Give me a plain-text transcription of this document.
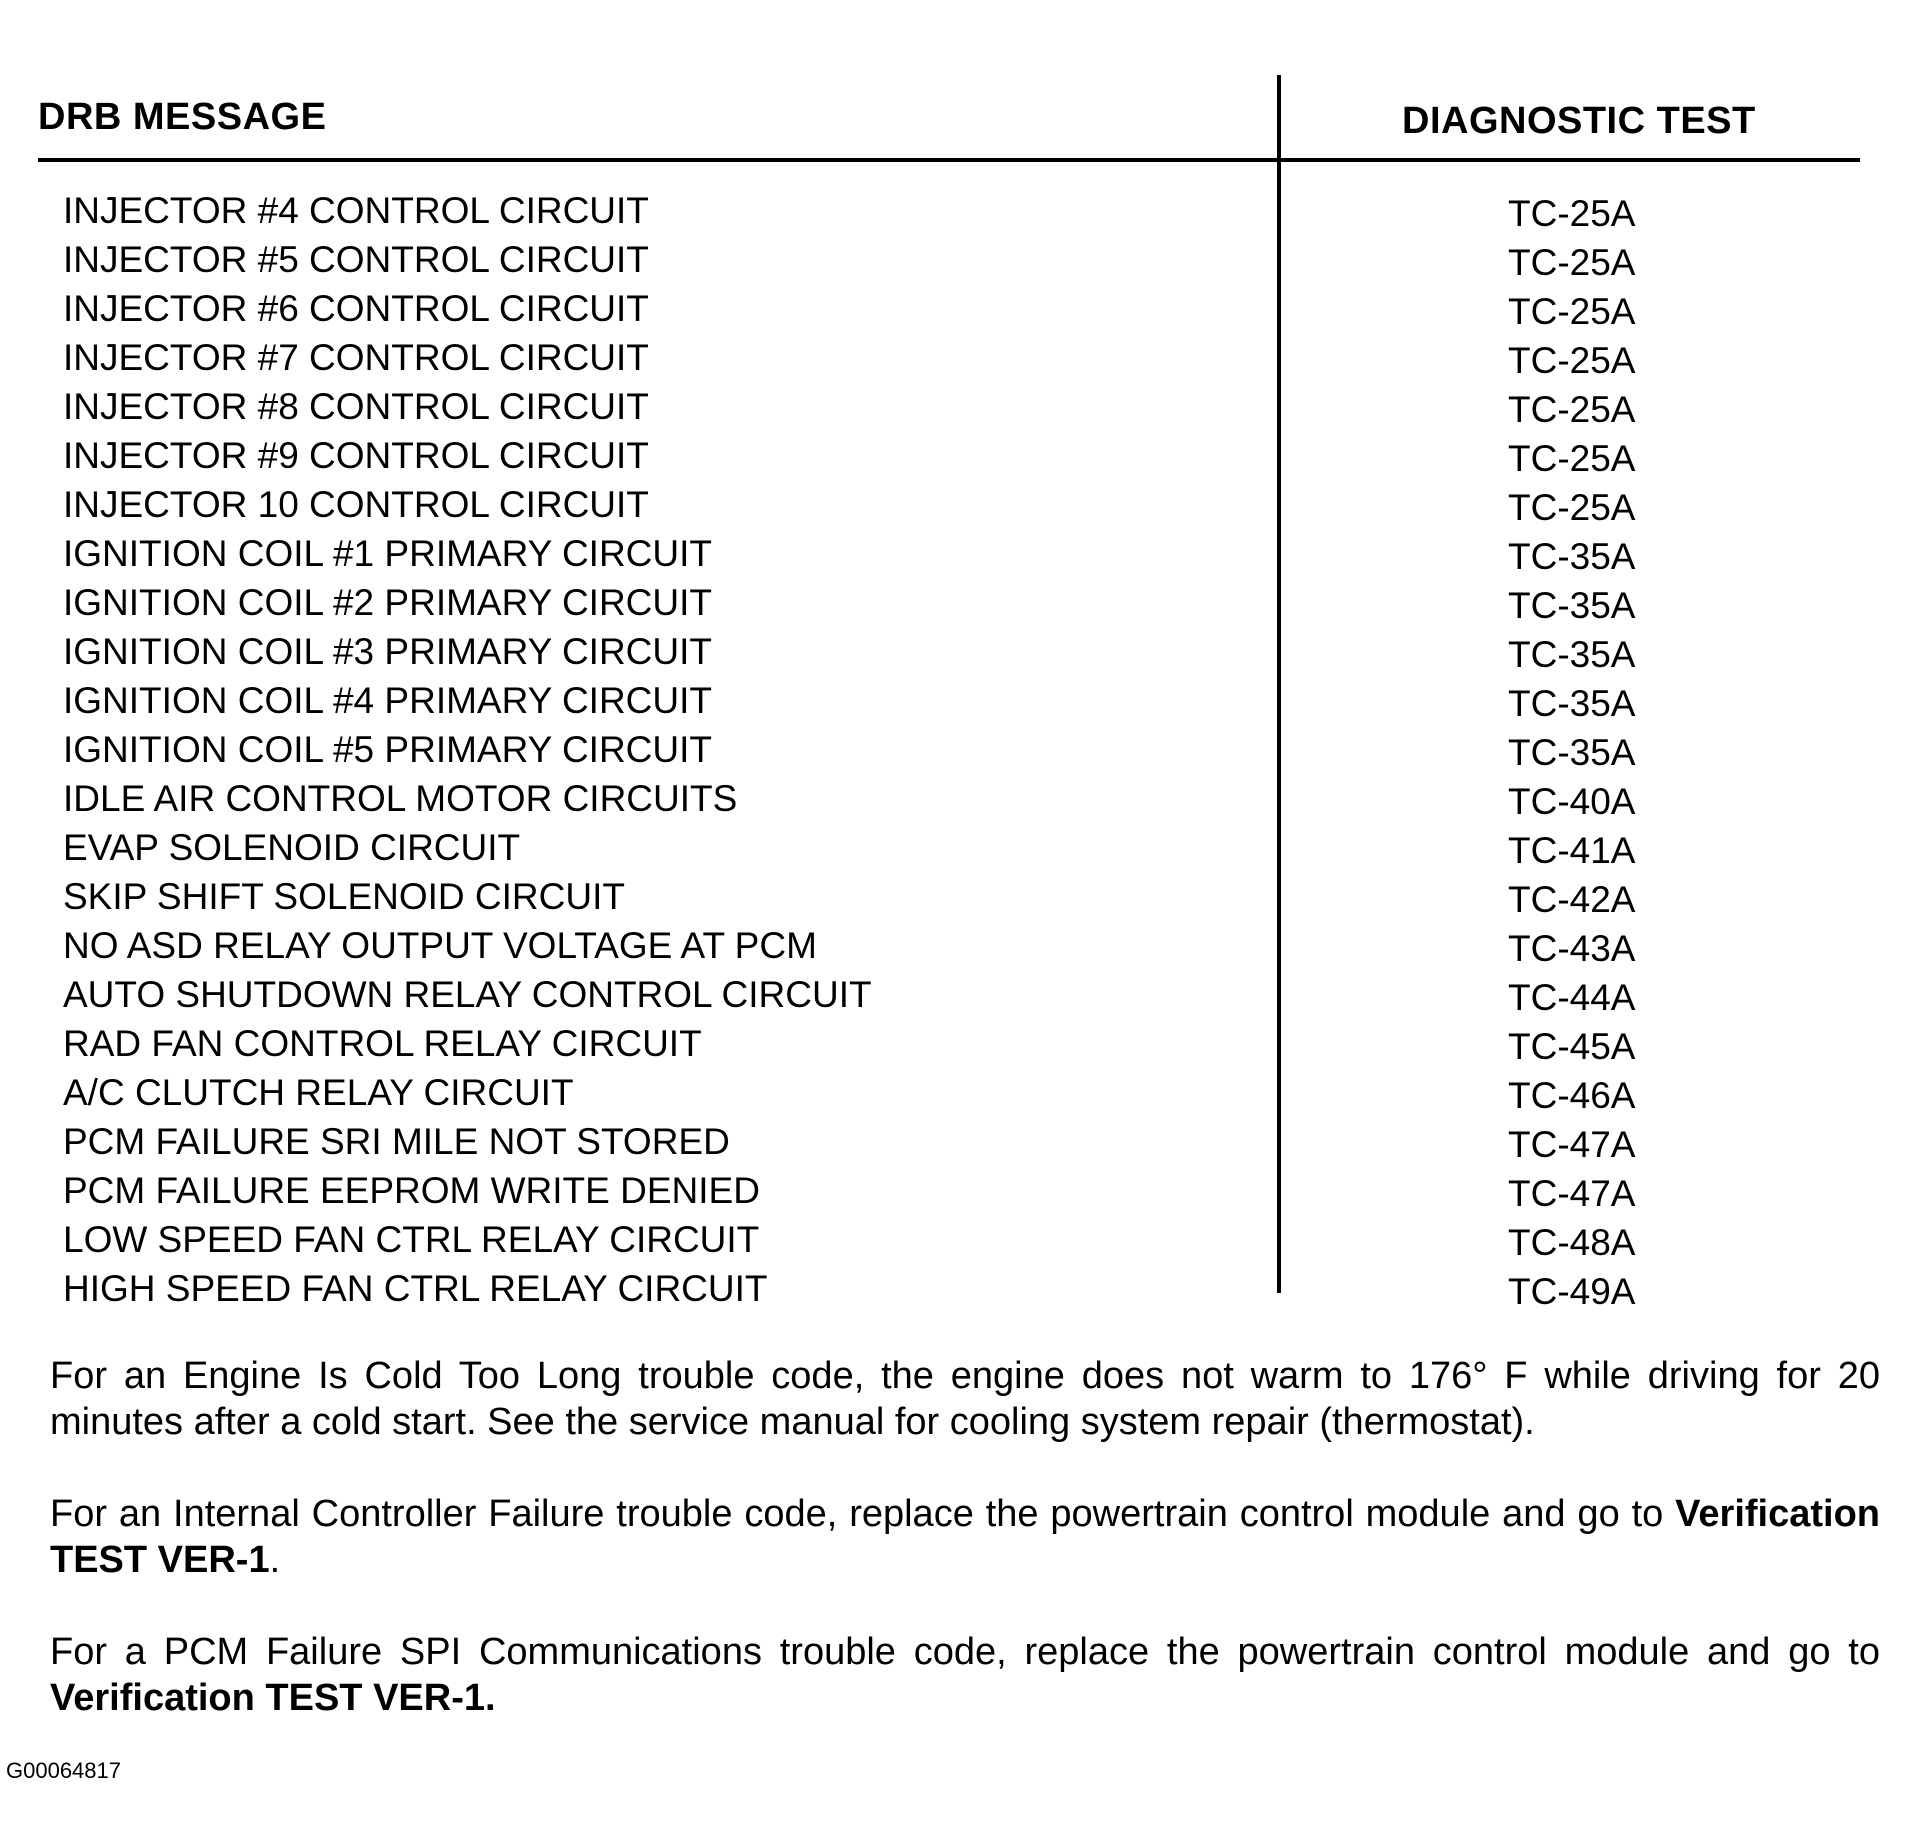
DRB MESSAGE	DIAGNOSTIC TEST
INJECTOR #4 CONTROL CIRCUIT	TC-25A
INJECTOR #5 CONTROL CIRCUIT	TC-25A
INJECTOR #6 CONTROL CIRCUIT	TC-25A
INJECTOR #7 CONTROL CIRCUIT	TC-25A
INJECTOR #8 CONTROL CIRCUIT	TC-25A
INJECTOR #9 CONTROL CIRCUIT	TC-25A
INJECTOR 10 CONTROL CIRCUIT	TC-25A
IGNITION COIL #1 PRIMARY CIRCUIT	TC-35A
IGNITION COIL #2 PRIMARY CIRCUIT	TC-35A
IGNITION COIL #3 PRIMARY CIRCUIT	TC-35A
IGNITION COIL #4 PRIMARY CIRCUIT	TC-35A
IGNITION COIL #5 PRIMARY CIRCUIT	TC-35A
IDLE AIR CONTROL MOTOR CIRCUITS	TC-40A
EVAP SOLENOID CIRCUIT	TC-41A
SKIP SHIFT SOLENOID CIRCUIT	TC-42A
NO ASD RELAY OUTPUT VOLTAGE AT PCM	TC-43A
AUTO SHUTDOWN RELAY CONTROL CIRCUIT	TC-44A
RAD FAN CONTROL RELAY CIRCUIT	TC-45A
A/C CLUTCH RELAY CIRCUIT	TC-46A
PCM FAILURE SRI MILE NOT STORED	TC-47A
PCM FAILURE EEPROM WRITE DENIED	TC-47A
LOW SPEED FAN CTRL RELAY CIRCUIT	TC-48A
HIGH SPEED FAN CTRL RELAY CIRCUIT	TC-49A

For an Engine Is Cold Too Long trouble code, the engine does not warm to 176° F while driving for 20 minutes after a cold start. See the service manual for cooling system repair (thermostat).

For an Internal Controller Failure trouble code, replace the powertrain control module and go to Verification TEST VER-1.

For a PCM Failure SPI Communications trouble code, replace the powertrain control module and go to Verification TEST VER-1.

G00064817
